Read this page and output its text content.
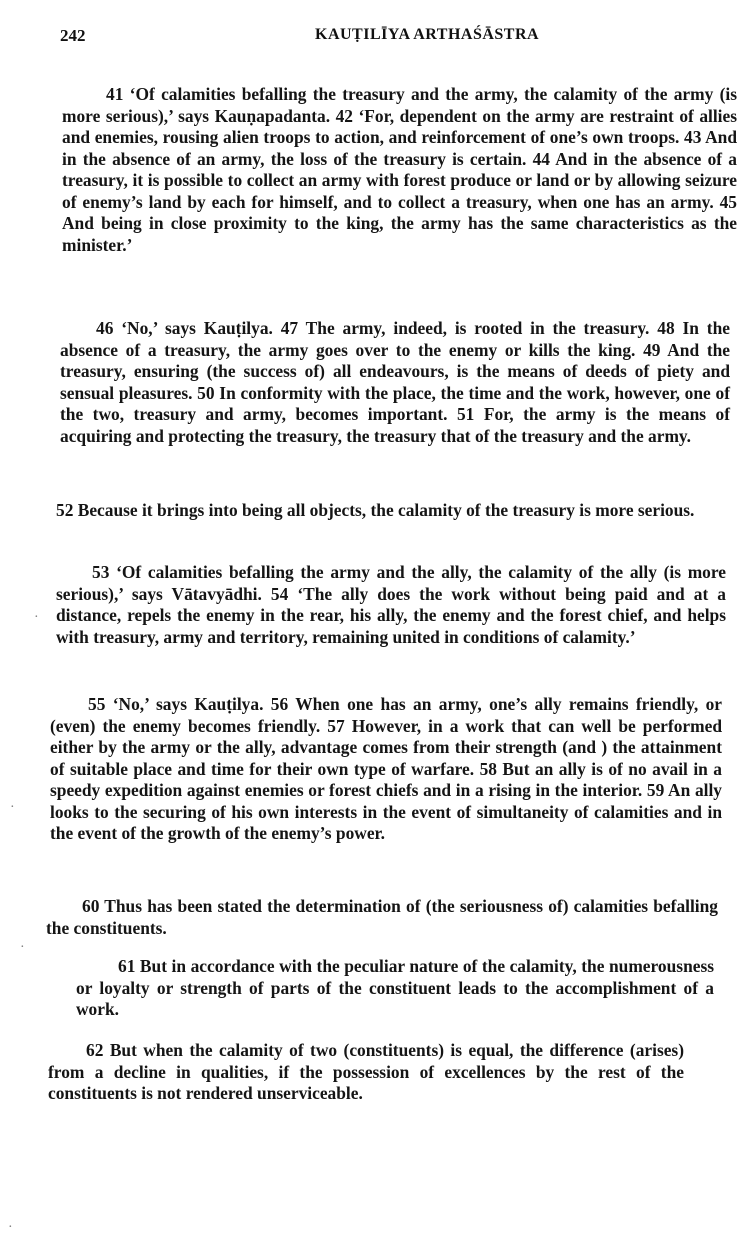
242	KAUṬILĪYA ARTHAŚĀSTRA

41 ‘Of calamities befalling the treasury and the army, the calamity of the army (is more serious),’ says Kauṇapadanta. 42 ‘For, dependent on the army are restraint of allies and enemies, rousing alien troops to action, and reinforcement of one’s own troops. 43 And in the absence of an army, the loss of the treasury is certain. 44 And in the absence of a treasury, it is possible to collect an army with forest produce or land or by allowing seizure of enemy’s land by each for himself, and to collect a treasury, when one has an army. 45 And being in close proximity to the king, the army has the same characteristics as the minister.’

46 ‘No,’ says Kauṭilya. 47 The army, indeed, is rooted in the treasury. 48 In the absence of a treasury, the army goes over to the enemy or kills the king. 49 And the treasury, ensuring (the success of) all endeavours, is the means of deeds of piety and sensual pleasures. 50 In conformity with the place, the time and the work, however, one of the two, treasury and army, becomes important. 51 For, the army is the means of acquiring and protecting the treasury, the treasury that of the treasury and the army.

52 Because it brings into being all objects, the calamity of the treasury is more serious.

53 ‘Of calamities befalling the army and the ally, the calamity of the ally (is more serious),’ says Vātavyādhi. 54 ‘The ally does the work without being paid and at a distance, repels the enemy in the rear, his ally, the enemy and the forest chief, and helps with treasury, army and territory, remaining united in conditions of calamity.’

55 ‘No,’ says Kauṭilya. 56 When one has an army, one’s ally remains friendly, or (even) the enemy becomes friendly. 57 However, in a work that can well be performed either by the army or the ally, advantage comes from their strength (and ) the attainment of suitable place and time for their own type of warfare. 58 But an ally is of no avail in a speedy expedition against enemies or forest chiefs and in a rising in the interior. 59 An ally looks to the securing of his own interests in the event of simultaneity of calamities and in the event of the growth of the enemy’s power.

60 Thus has been stated the determination of (the seriousness of) calamities befalling the constituents.

61 But in accordance with the peculiar nature of the calamity, the numerousness or loyalty or strength of parts of the constituent leads to the accomplishment of a work.

62 But when the calamity of two (constituents) is equal, the difference (arises) from a decline in qualities, if the possession of excellences by the rest of the constituents is not rendered unserviceable.

·
·
·
·
